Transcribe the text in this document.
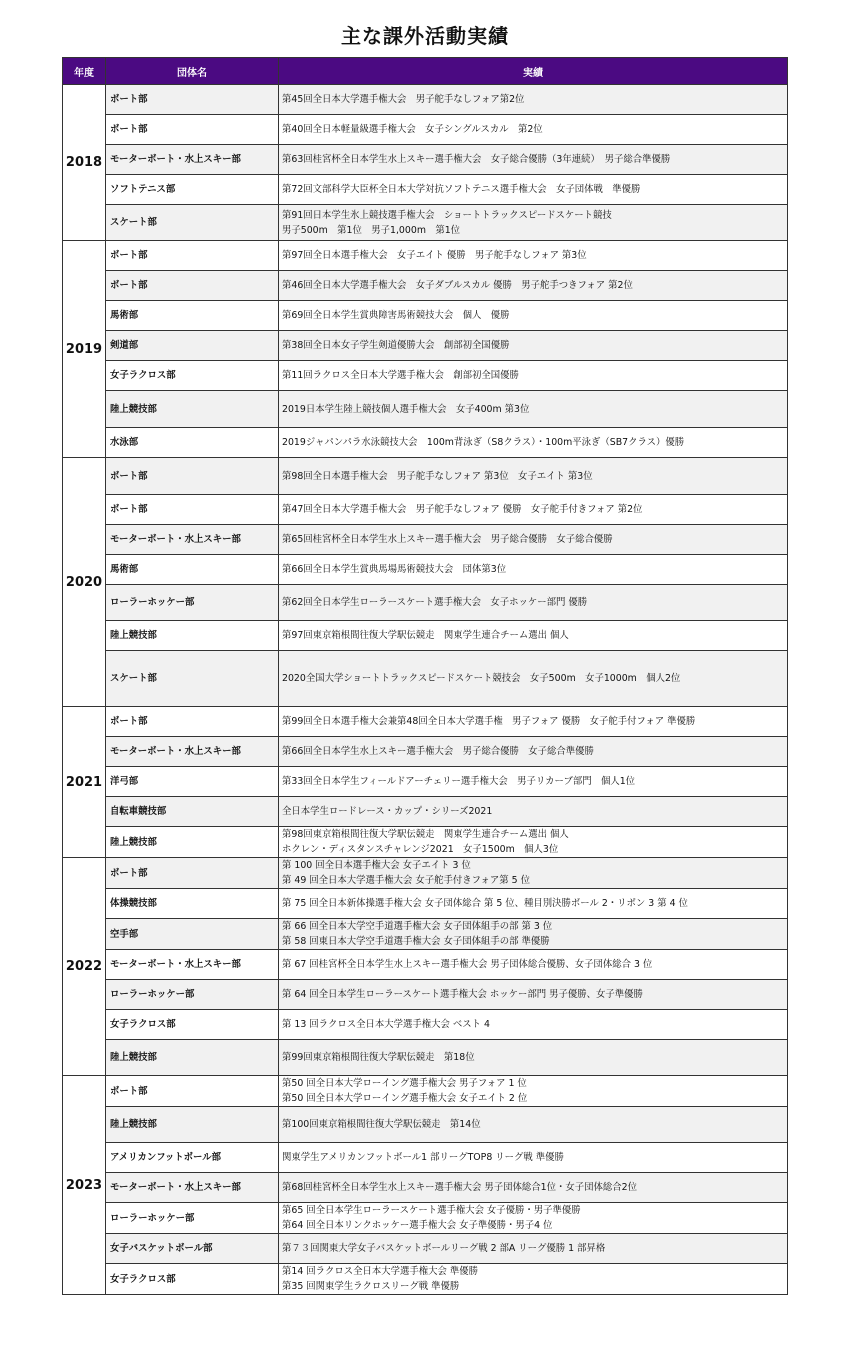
主な課外活動実績
年度	団体名	実績
2018	ボート部	第45回全日本大学選手権大会　男子舵手なしフォア第2位

	ボート部	第40回全日本軽量級選手権大会　女子シングルスカル　第2位

	モーターボート・水上スキー部	第63回桂宮杯全日本学生水上スキー選手権大会　女子総合優勝（3年連続）　男子総合準優勝

	ソフトテニス部	第72回文部科学大臣杯全日本大学対抗ソフトテニス選手権大会　女子団体戦　準優勝

	スケート部	第91回日本学生氷上競技選手権大会　ショートトラックスピードスケート競技
男子500m　第1位　男子1,000m　第1位

2019	ボート部	第97回全日本選手権大会　女子エイト 優勝　男子舵手なしフォア 第3位

	ボート部	第46回全日本大学選手権大会　女子ダブルスカル 優勝　男子舵手つきフォア 第2位

	馬術部	第69回全日本学生賞典障害馬術競技大会　個人　優勝

	剣道部	第38回全日本女子学生剣道優勝大会　創部初全国優勝

	女子ラクロス部	第11回ラクロス全日本大学選手権大会　創部初全国優勝

	陸上競技部	2019日本学生陸上競技個人選手権大会　女子400m 第3位

	水泳部	2019ジャパンパラ水泳競技大会　100m背泳ぎ（S8クラス）・100m平泳ぎ（SB7クラス）優勝

2020	ボート部	第98回全日本選手権大会　男子舵手なしフォア 第3位　女子エイト 第3位

	ボート部	第47回全日本大学選手権大会　男子舵手なしフォア 優勝　女子舵手付きフォア 第2位

	モーターボート・水上スキー部	第65回桂宮杯全日本学生水上スキー選手権大会　男子総合優勝　女子総合優勝

	馬術部	第66回全日本学生賞典馬場馬術競技大会　団体第3位

	ローラーホッケー部	第62回全日本学生ローラースケート選手権大会　女子ホッケー部門 優勝

	陸上競技部	第97回東京箱根間往復大学駅伝競走　関東学生連合チーム選出 個人

	スケート部	2020全国大学ショートトラックスピードスケート競技会　女子500m　女子1000m　個人2位

2021	ボート部	第99回全日本選手権大会兼第48回全日本大学選手権　男子フォア 優勝　女子舵手付フォア 準優勝

	モーターボート・水上スキー部	第66回全日本学生水上スキー選手権大会　男子総合優勝　女子総合準優勝

	洋弓部	第33回全日本学生フィールドアーチェリー選手権大会　男子リカーブ部門　個人1位

	自転車競技部	全日本学生ロードレース・カップ・シリーズ2021

	陸上競技部	第98回東京箱根間往復大学駅伝競走　関東学生連合チーム選出 個人
ホクレン・ディスタンスチャレンジ2021　女子1500m　個人3位

2022	ボート部	第 100 回全日本選手権大会 女子エイト 3 位
第 49 回全日本大学選手権大会 女子舵手付きフォア第 5 位

	体操競技部	第 75 回全日本新体操選手権大会 女子団体総合 第 5 位、種目別決勝ボール 2・リボン 3 第 4 位

	空手部	第 66 回全日本大学空手道選手権大会 女子団体組手の部 第 3 位
第 58 回東日本大学空手道選手権大会 女子団体組手の部 準優勝

	モーターボート・水上スキー部	第 67 回桂宮杯全日本学生水上スキー選手権大会 男子団体総合優勝、女子団体総合 3 位

	ローラーホッケー部	第 64 回全日本学生ローラースケート選手権大会 ホッケー部門 男子優勝、女子準優勝

	女子ラクロス部	第 13 回ラクロス全日本大学選手権大会 ベスト 4

	陸上競技部	第99回東京箱根間往復大学駅伝競走　第18位

2023	ボート部	第50 回全日本大学ローイング選手権大会 男子フォア 1 位
第50 回全日本大学ローイング選手権大会 女子エイト 2 位

	陸上競技部	第100回東京箱根間往復大学駅伝競走　第14位

	アメリカンフットボール部	関東学生アメリカンフットボール1 部リーグTOP8 リーグ戦 準優勝

	モーターボート・水上スキー部	第68回桂宮杯全日本学生水上スキー選手権大会 男子団体総合1位・女子団体総合2位

	ローラーホッケー部	第65 回全日本学生ローラースケート選手権大会 女子優勝・男子準優勝
第64 回全日本リンクホッケー選手権大会 女子準優勝・男子4 位

	女子バスケットボール部	第７３回関東大学女子バスケットボールリーグ戦 2 部A リーグ優勝 1 部昇格

	女子ラクロス部	第14 回ラクロス全日本大学選手権大会 準優勝
第35 回関東学生ラクロスリーグ戦 準優勝
